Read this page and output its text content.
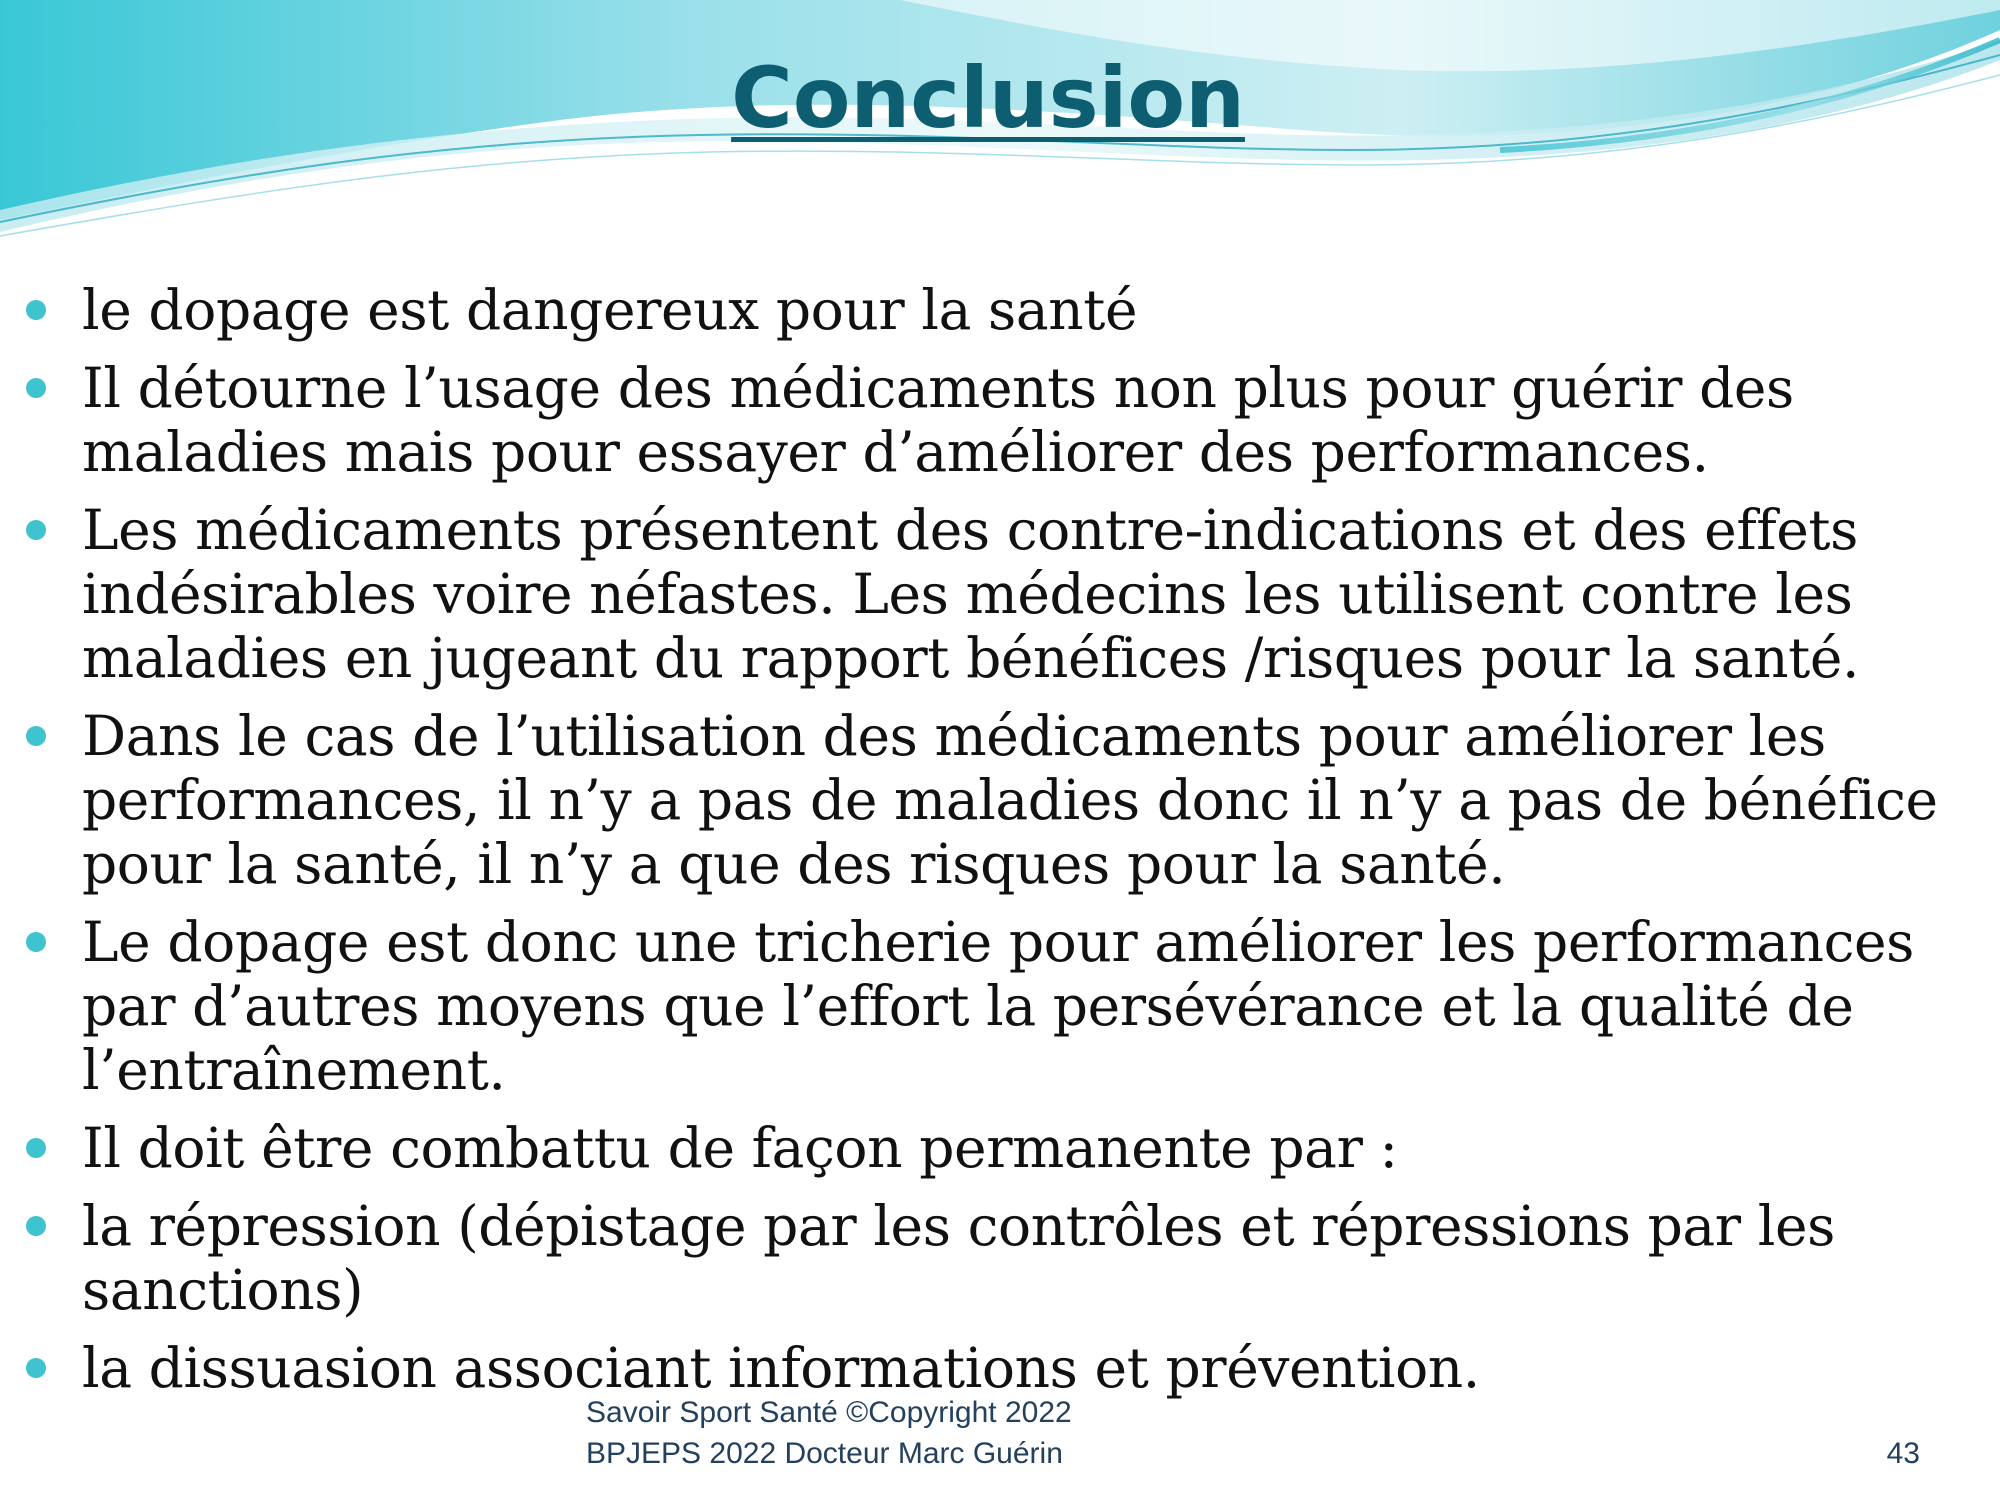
Conclusion
le dopage est dangereux pour la santé
Il détourne l’usage des médicaments non plus pour guérir des maladies mais pour essayer d’améliorer des performances.
Les médicaments présentent des contre-indications et des effets indésirables voire néfastes. Les médecins les utilisent contre les maladies en jugeant du rapport bénéfices /risques pour la santé.
Dans le cas de l’utilisation des médicaments pour améliorer les performances, il n’y a pas de maladies donc il n’y a pas de bénéfice pour la santé, il n’y a que des risques pour la santé.
Le dopage est donc une tricherie pour améliorer les performances par d’autres moyens que l’effort la persévérance et la qualité de l’entraînement.
Il doit être combattu de façon permanente par :
la répression (dépistage par les contrôles et répressions par les sanctions)
la dissuasion associant informations et prévention.
Savoir Sport Santé ©Copyright 2022
BPJEPS 2022 Docteur Marc Guérin	43
